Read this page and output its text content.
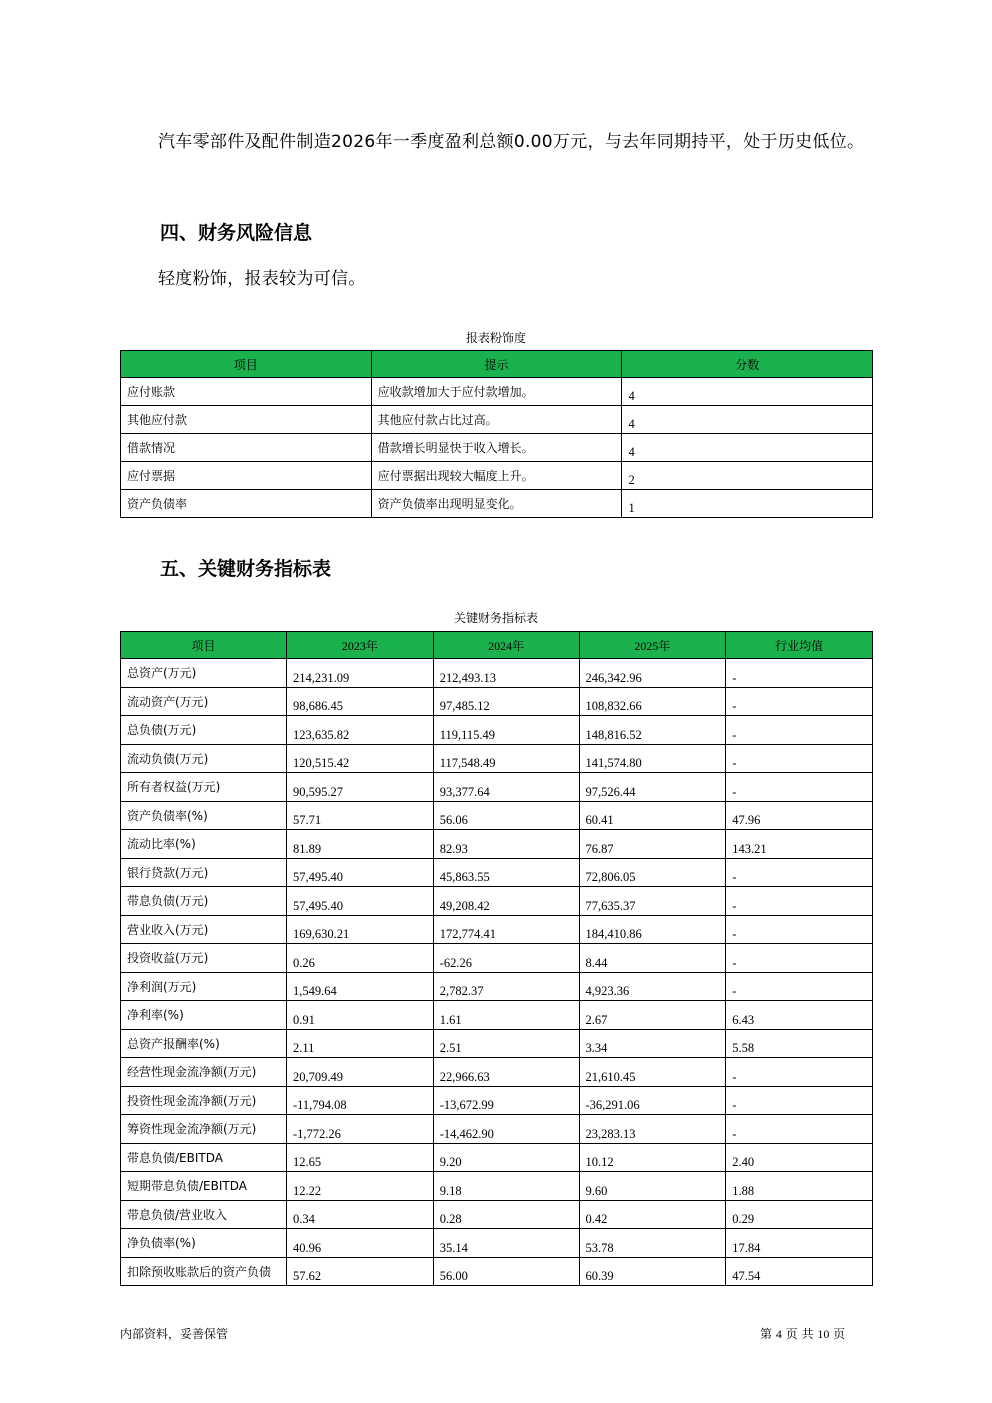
汽车零部件及配件制造2026年一季度盈利总额0.00万元，与去年同期持平，处于历史低位。
四、财务风险信息
轻度粉饰，报表较为可信。
报表粉饰度
项目	提示	分数
应付账款	应收款增加大于应付款增加。	4
其他应付款	其他应付款占比过高。	4
借款情况	借款增长明显快于收入增长。	4
应付票据	应付票据出现较大幅度上升。	2
资产负债率	资产负债率出现明显变化。	1
五、关键财务指标表
关键财务指标表
项目	2023年	2024年	2025年	行业均值
总资产(万元)	214,231.09	212,493.13	246,342.96	-
流动资产(万元)	98,686.45	97,485.12	108,832.66	-
总负债(万元)	123,635.82	119,115.49	148,816.52	-
流动负债(万元)	120,515.42	117,548.49	141,574.80	-
所有者权益(万元)	90,595.27	93,377.64	97,526.44	-
资产负债率(%)	57.71	56.06	60.41	47.96
流动比率(%)	81.89	82.93	76.87	143.21
银行贷款(万元)	57,495.40	45,863.55	72,806.05	-
带息负债(万元)	57,495.40	49,208.42	77,635.37	-
营业收入(万元)	169,630.21	172,774.41	184,410.86	-
投资收益(万元)	0.26	-62.26	8.44	-
净利润(万元)	1,549.64	2,782.37	4,923.36	-
净利率(%)	0.91	1.61	2.67	6.43
总资产报酬率(%)	2.11	2.51	3.34	5.58
经营性现金流净额(万元)	20,709.49	22,966.63	21,610.45	-
投资性现金流净额(万元)	-11,794.08	-13,672.99	-36,291.06	-
筹资性现金流净额(万元)	-1,772.26	-14,462.90	23,283.13	-
带息负债/EBITDA	12.65	9.20	10.12	2.40
短期带息负债/EBITDA	12.22	9.18	9.60	1.88
带息负债/营业收入	0.34	0.28	0.42	0.29
净负债率(%)	40.96	35.14	53.78	17.84
扣除预收账款后的资产负债	57.62	56.00	60.39	47.54
内部资料，妥善保管	第 4 页 共 10 页
